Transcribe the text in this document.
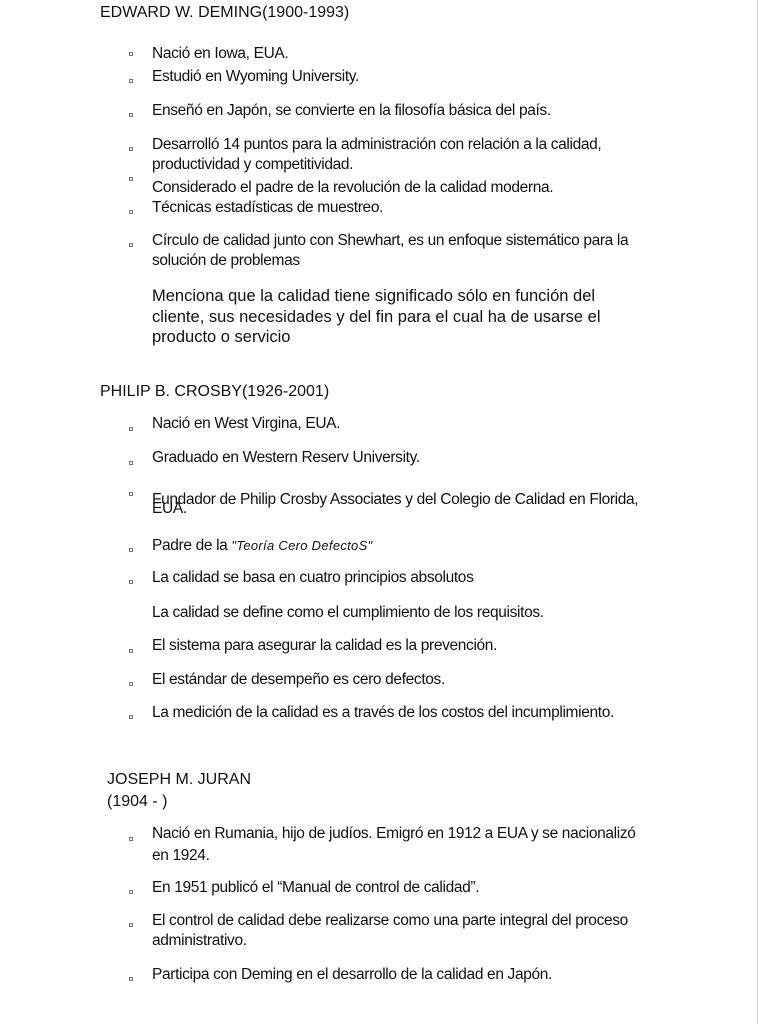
EDWARD W. DEMING(1900-1993)
Nació en Iowa, EUA.
Estudió en Wyoming University.
Enseñó en Japón, se convierte en la filosofía básica del país.
Desarrolló 14 puntos para la administración con relación a la calidad, productividad y competitividad.
Considerado el padre de la revolución de la calidad moderna.
Técnicas estadísticas de muestreo.
Círculo de calidad junto con Shewhart, es un enfoque sistemático para la solución de problemas
Menciona que la calidad tiene significado sólo en función del cliente, sus necesidades y del fin para el cual ha de usarse el producto o servicio
PHILIP B. CROSBY(1926-2001)
Nació en West Virgina, EUA.
Graduado en Western Reserv University.
Fundador de Philip Crosby Associates y del Colegio de Calidad en Florida, EUA.
Padre de la "Teoría Cero DefectoS"
La calidad se basa en cuatro principios absolutos
La calidad se define como el cumplimiento de los requisitos.
El sistema para asegurar la calidad es la prevención.
El estándar de desempeño es cero defectos.
La medición de la calidad es a través de los costos del incumplimiento.
JOSEPH M. JURAN
(1904 - )
Nació en Rumania, hijo de judíos. Emigró en 1912 a EUA y se nacionalizó en 1924.
En 1951 publicó el “Manual de control de calidad”.
El control de calidad debe realizarse como una parte integral del proceso administrativo.
Participa con Deming en el desarrollo de la calidad en Japón.
